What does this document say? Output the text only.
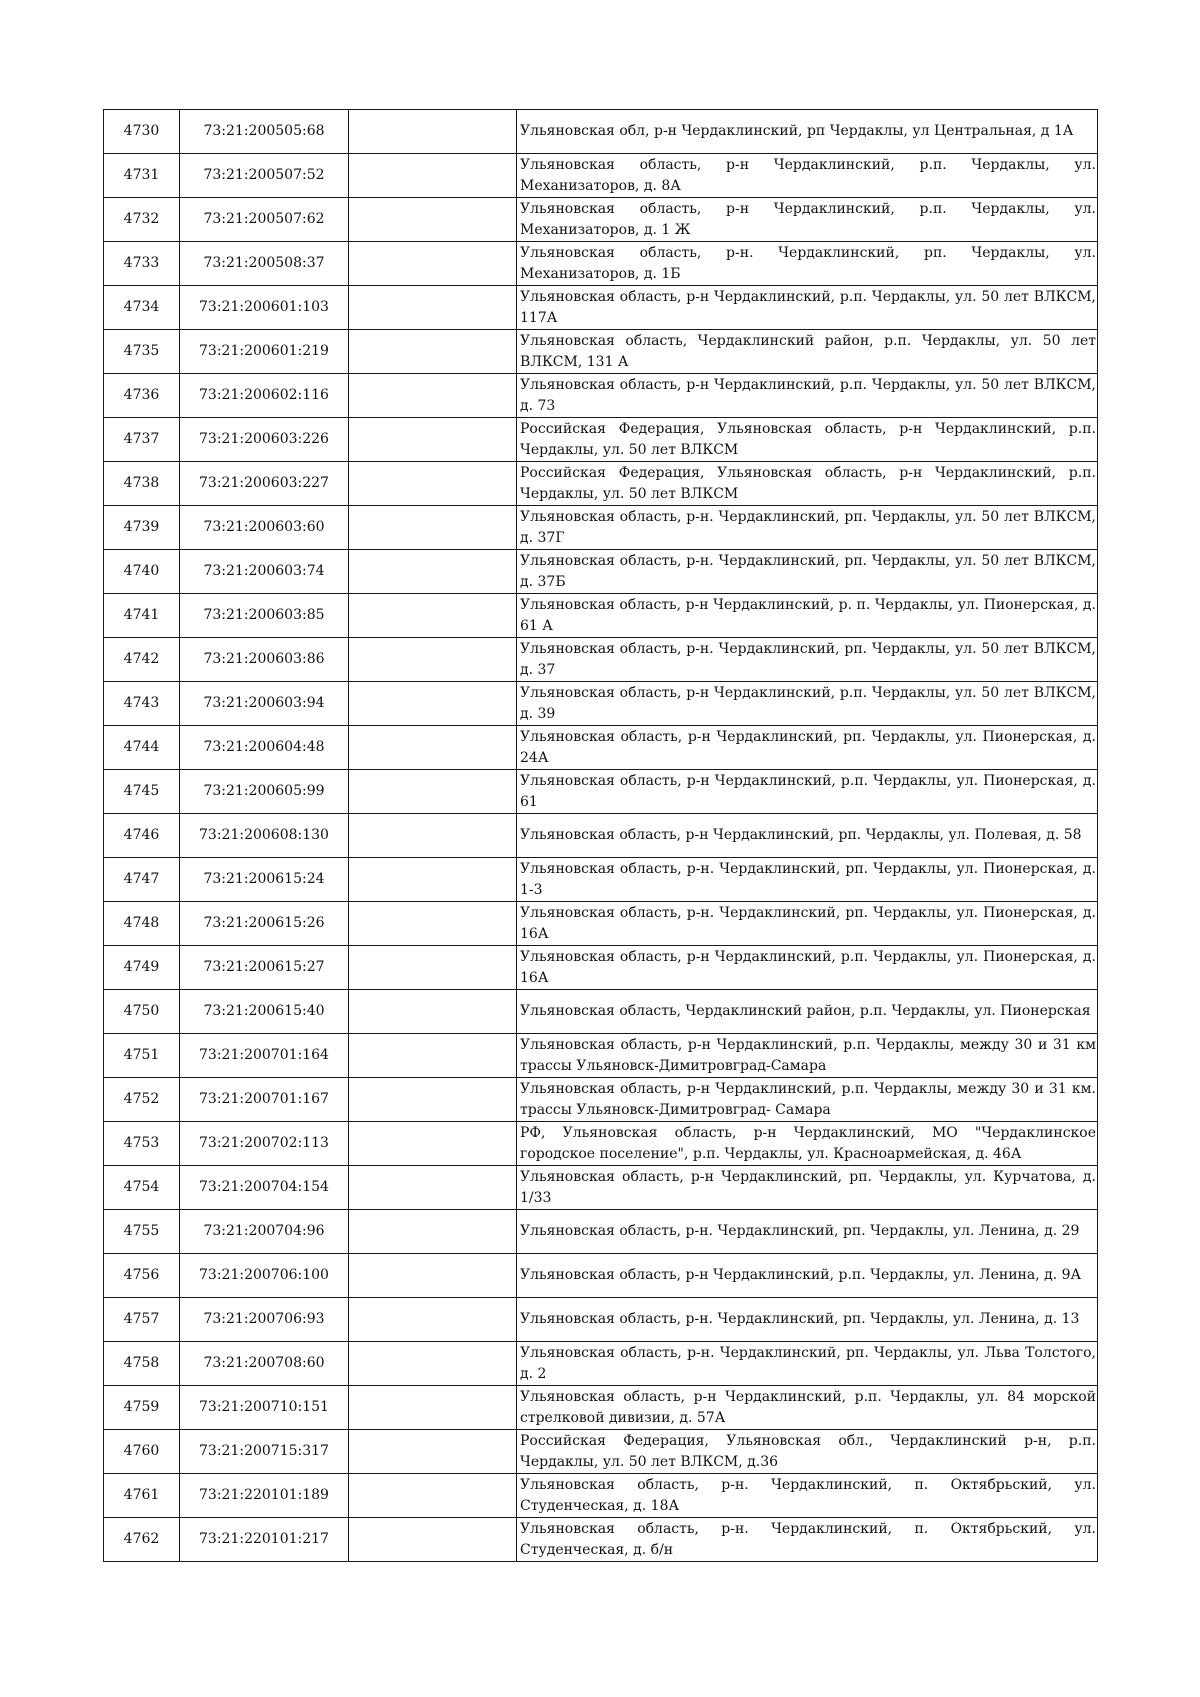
4730	73:21:200505:68		Ульяновская обл, р-н Чердаклинский, рп Чердаклы, ул Центральная, д 1А
4731	73:21:200507:52		Ульяновская область, р-н Чердаклинский, р.п. Чердаклы, ул. Механизаторов, д. 8А
4732	73:21:200507:62		Ульяновская область, р-н Чердаклинский, р.п. Чердаклы, ул. Механизаторов, д. 1 Ж
4733	73:21:200508:37		Ульяновская область, р-н. Чердаклинский, рп. Чердаклы, ул. Механизаторов, д. 1Б
4734	73:21:200601:103		Ульяновская область, р-н Чердаклинский, р.п. Чердаклы, ул. 50 лет ВЛКСМ, 117А
4735	73:21:200601:219		Ульяновская область, Чердаклинский район, р.п. Чердаклы, ул. 50 лет ВЛКСМ, 131 А
4736	73:21:200602:116		Ульяновская область, р-н Чердаклинский, р.п. Чердаклы, ул. 50 лет ВЛКСМ, д. 73
4737	73:21:200603:226		Российская Федерация, Ульяновская область, р-н Чердаклинский, р.п. Чердаклы, ул. 50 лет ВЛКСМ
4738	73:21:200603:227		Российская Федерация, Ульяновская область, р-н Чердаклинский, р.п. Чердаклы, ул. 50 лет ВЛКСМ
4739	73:21:200603:60		Ульяновская область, р-н. Чердаклинский, рп. Чердаклы, ул. 50 лет ВЛКСМ, д. 37Г
4740	73:21:200603:74		Ульяновская область, р-н. Чердаклинский, рп. Чердаклы, ул. 50 лет ВЛКСМ, д. 37Б
4741	73:21:200603:85		Ульяновская область, р-н Чердаклинский, р. п. Чердаклы, ул. Пионерская, д. 61 А
4742	73:21:200603:86		Ульяновская область, р-н. Чердаклинский, рп. Чердаклы, ул. 50 лет ВЛКСМ, д. 37
4743	73:21:200603:94		Ульяновская область, р-н Чердаклинский, р.п. Чердаклы, ул. 50 лет ВЛКСМ, д. 39
4744	73:21:200604:48		Ульяновская область, р-н Чердаклинский, рп. Чердаклы, ул. Пионерская, д. 24А
4745	73:21:200605:99		Ульяновская область, р-н Чердаклинский, р.п. Чердаклы, ул. Пионерская, д. 61
4746	73:21:200608:130		Ульяновская область, р-н Чердаклинский, рп. Чердаклы, ул. Полевая, д. 58
4747	73:21:200615:24		Ульяновская область, р-н. Чердаклинский, рп. Чердаклы, ул. Пионерская, д. 1-3
4748	73:21:200615:26		Ульяновская область, р-н. Чердаклинский, рп. Чердаклы, ул. Пионерская, д. 16А
4749	73:21:200615:27		Ульяновская область, р-н Чердаклинский, р.п. Чердаклы, ул. Пионерская, д. 16А
4750	73:21:200615:40		Ульяновская область, Чердаклинский район, р.п. Чердаклы, ул. Пионерская
4751	73:21:200701:164		Ульяновская область, р-н Чердаклинский, р.п. Чердаклы, между 30 и 31 км трассы Ульяновск-Димитровград-Самара
4752	73:21:200701:167		Ульяновская область, р-н Чердаклинский, р.п. Чердаклы, между 30 и 31 км. трассы Ульяновск-Димитровград- Самара
4753	73:21:200702:113		РФ, Ульяновская область, р-н Чердаклинский, МО "Чердаклинское городское поселение", р.п. Чердаклы, ул. Красноармейская, д. 46А
4754	73:21:200704:154		Ульяновская область, р-н Чердаклинский, рп. Чердаклы, ул. Курчатова, д. 1/33
4755	73:21:200704:96		Ульяновская область, р-н. Чердаклинский, рп. Чердаклы, ул. Ленина, д. 29
4756	73:21:200706:100		Ульяновская область, р-н Чердаклинский, р.п. Чердаклы, ул. Ленина, д. 9А
4757	73:21:200706:93		Ульяновская область, р-н. Чердаклинский, рп. Чердаклы, ул. Ленина, д. 13
4758	73:21:200708:60		Ульяновская область, р-н. Чердаклинский, рп. Чердаклы, ул. Льва Толстого, д. 2
4759	73:21:200710:151		Ульяновская область, р-н Чердаклинский, р.п. Чердаклы, ул. 84 морской стрелковой дивизии, д. 57А
4760	73:21:200715:317		Российская Федерация, Ульяновская обл., Чердаклинский р-н, р.п. Чердаклы, ул. 50 лет ВЛКСМ, д.36
4761	73:21:220101:189		Ульяновская область, р-н. Чердаклинский, п. Октябрьский, ул. Студенческая, д. 18А
4762	73:21:220101:217		Ульяновская область, р-н. Чердаклинский, п. Октябрьский, ул. Студенческая, д. б/н
